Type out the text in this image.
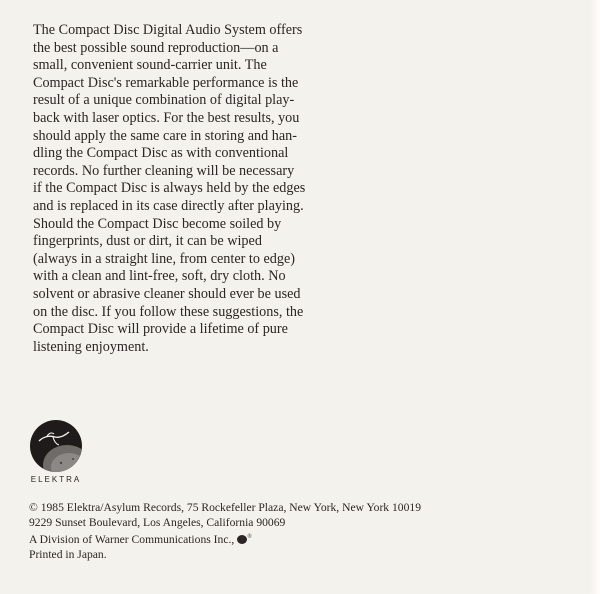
The Compact Disc Digital Audio System offers
the best possible sound reproduction—on a
small, convenient sound-carrier unit. The
Compact Disc's remarkable performance is the
result of a unique combination of digital play-
back with laser optics. For the best results, you
should apply the same care in storing and han-
dling the Compact Disc as with conventional
records. No further cleaning will be necessary
if the Compact Disc is always held by the edges
and is replaced in its case directly after playing.
Should the Compact Disc become soiled by
fingerprints, dust or dirt, it can be wiped
(always in a straight line, from center to edge)
with a clean and lint-free, soft, dry cloth. No
solvent or abrasive cleaner should ever be used
on the disc. If you follow these suggestions, the
Compact Disc will provide a lifetime of pure
listening enjoyment.
ELEKTRA
© 1985 Elektra/Asylum Records, 75 Rockefeller Plaza, New York, New York 10019
9229 Sunset Boulevard, Los Angeles, California 90069
A Division of Warner Communications Inc., ®
Printed in Japan.
